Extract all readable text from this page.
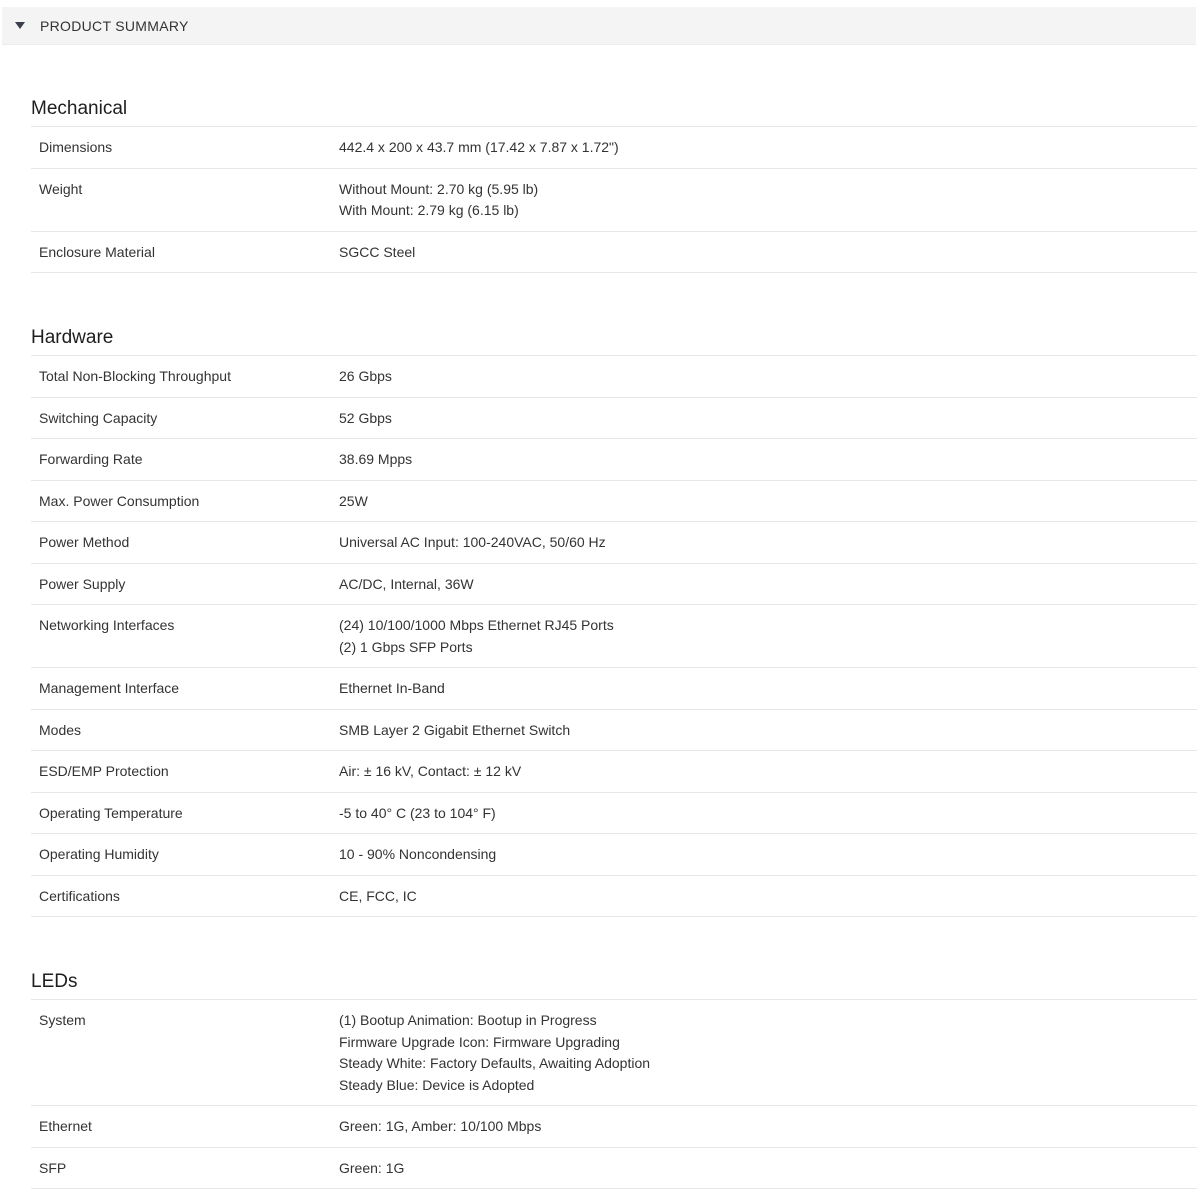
PRODUCT SUMMARY
Mechanical
Dimensions	442.4 x 200 x 43.7 mm (17.42 x 7.87 x 1.72")

Weight	Without Mount: 2.70 kg (5.95 lb)
With Mount: 2.79 kg (6.15 lb)

Enclosure Material	SGCC Steel
Hardware
Total Non-Blocking Throughput	26 Gbps

Switching Capacity	52 Gbps

Forwarding Rate	38.69 Mpps

Max. Power Consumption	25W

Power Method	Universal AC Input: 100-240VAC, 50/60 Hz

Power Supply	AC/DC, Internal, 36W

Networking Interfaces	(24) 10/100/1000 Mbps Ethernet RJ45 Ports
(2) 1 Gbps SFP Ports

Management Interface	Ethernet In-Band

Modes	SMB Layer 2 Gigabit Ethernet Switch

ESD/EMP Protection	Air: ± 16 kV, Contact: ± 12 kV

Operating Temperature	-5 to 40° C (23 to 104° F)

Operating Humidity	10 - 90% Noncondensing

Certifications	CE, FCC, IC
LEDs
System	(1) Bootup Animation: Bootup in Progress
Firmware Upgrade Icon: Firmware Upgrading
Steady White: Factory Defaults, Awaiting Adoption
Steady Blue: Device is Adopted

Ethernet	Green: 1G, Amber: 10/100 Mbps

SFP	Green: 1G
